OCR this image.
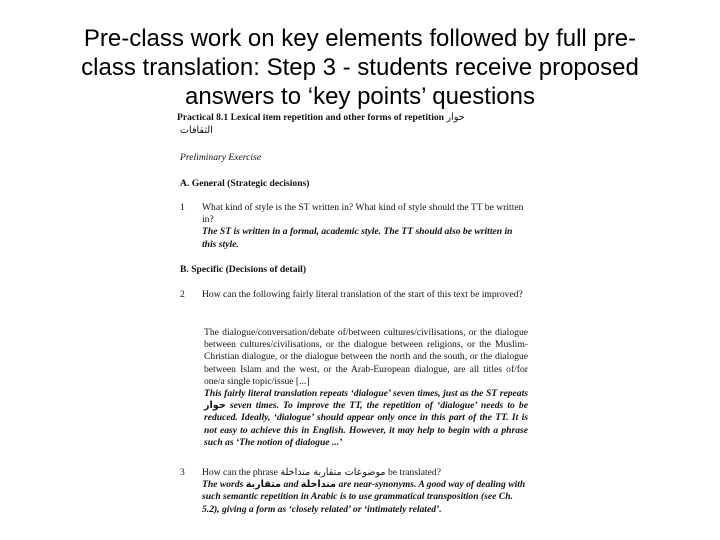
Pre-class work on key elements followed by full pre-
class translation: Step 3 - students receive proposed
answers to ‘key points’ questions

Practical 8.1 Lexical item repetition and other forms of repetition حوار

الثقافات

Preliminary Exercise

A. General (Strategic decisions)

1	What kind of style is the ST written in? What kind of style should the TT be written in?

The ST is written in a formal, academic style. The TT should also be written in this style.

B. Specific (Decisions of detail)

2	How can the following fairly literal translation of the start of this text be improved?

The dialogue/conversation/debate of/between cultures/civilisations, or the dialogue between cultures/civilisations, or the dialogue between religions, or the Muslim-Christian dialogue, or the dialogue between the north and the south, or the dialogue between Islam and the west, or the Arab-European dialogue, are all titles of/for one/a single topic/issue [...]

This fairly literal translation repeats ‘dialogue’ seven times, just as the ST repeats حوار seven times. To improve the TT, the repetition of ‘dialogue’ needs to be reduced. Ideally, ‘dialogue’ should appear only once in this part of the TT. It is not easy to achieve this in English. However, it may help to begin with a phrase such as ‘The notion of dialogue ...’

3	How can the phrase موضوعات متقاربة متداخلة be translated?

The words متقاربة and متداخلة are near-synonyms. A good way of dealing with such semantic repetition in Arabic is to use grammatical transposition (see Ch. 5.2), giving a form as ‘closely related’ or ‘intimately related’.
